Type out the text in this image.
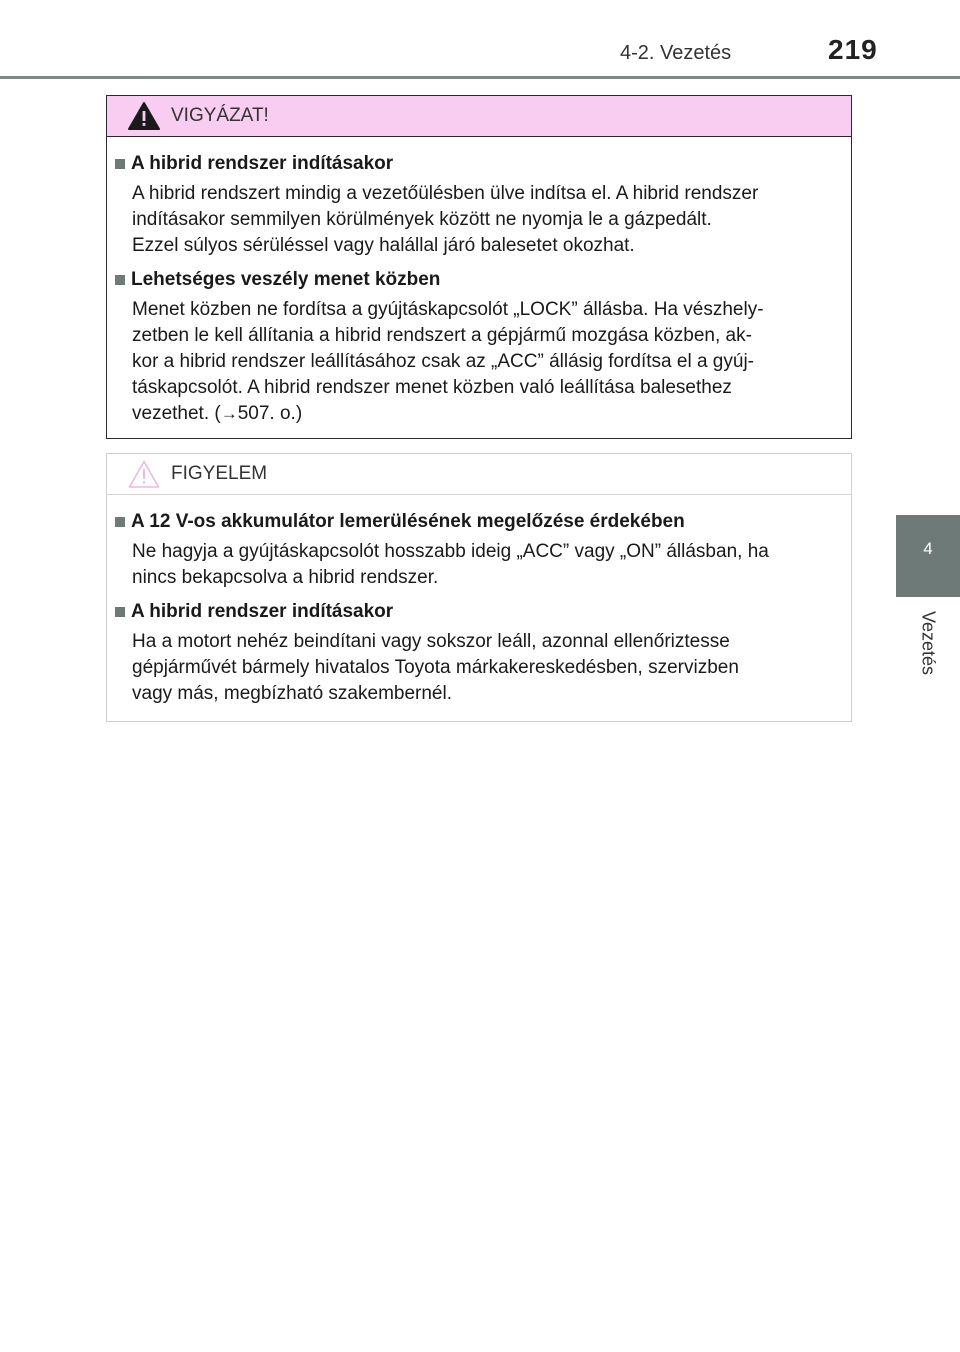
4-2. Vezetés	219
4
Vezetés
VIGYÁZAT!
A hibrid rendszer indításakor
A hibrid rendszert mindig a vezetőülésben ülve indítsa el. A hibrid rendszer
indításakor semmilyen körülmények között ne nyomja le a gázpedált.
Ezzel súlyos sérüléssel vagy halállal járó balesetet okozhat.
Lehetséges veszély menet közben
Menet közben ne fordítsa a gyújtáskapcsolót „LOCK” állásba. Ha vészhely-
zetben le kell állítania a hibrid rendszert a gépjármű mozgása közben, ak-
kor a hibrid rendszer leállításához csak az „ACC” állásig fordítsa el a gyúj-
táskapcsolót. A hibrid rendszer menet közben való leállítása balesethez
vezethet. (→507. o.)
FIGYELEM
A 12 V-os akkumulátor lemerülésének megelőzése érdekében
Ne hagyja a gyújtáskapcsolót hosszabb ideig „ACC” vagy „ON” állásban, ha
nincs bekapcsolva a hibrid rendszer.
A hibrid rendszer indításakor
Ha a motort nehéz beindítani vagy sokszor leáll, azonnal ellenőriztesse
gépjárművét bármely hivatalos Toyota márkakereskedésben, szervizben
vagy más, megbízható szakembernél.
